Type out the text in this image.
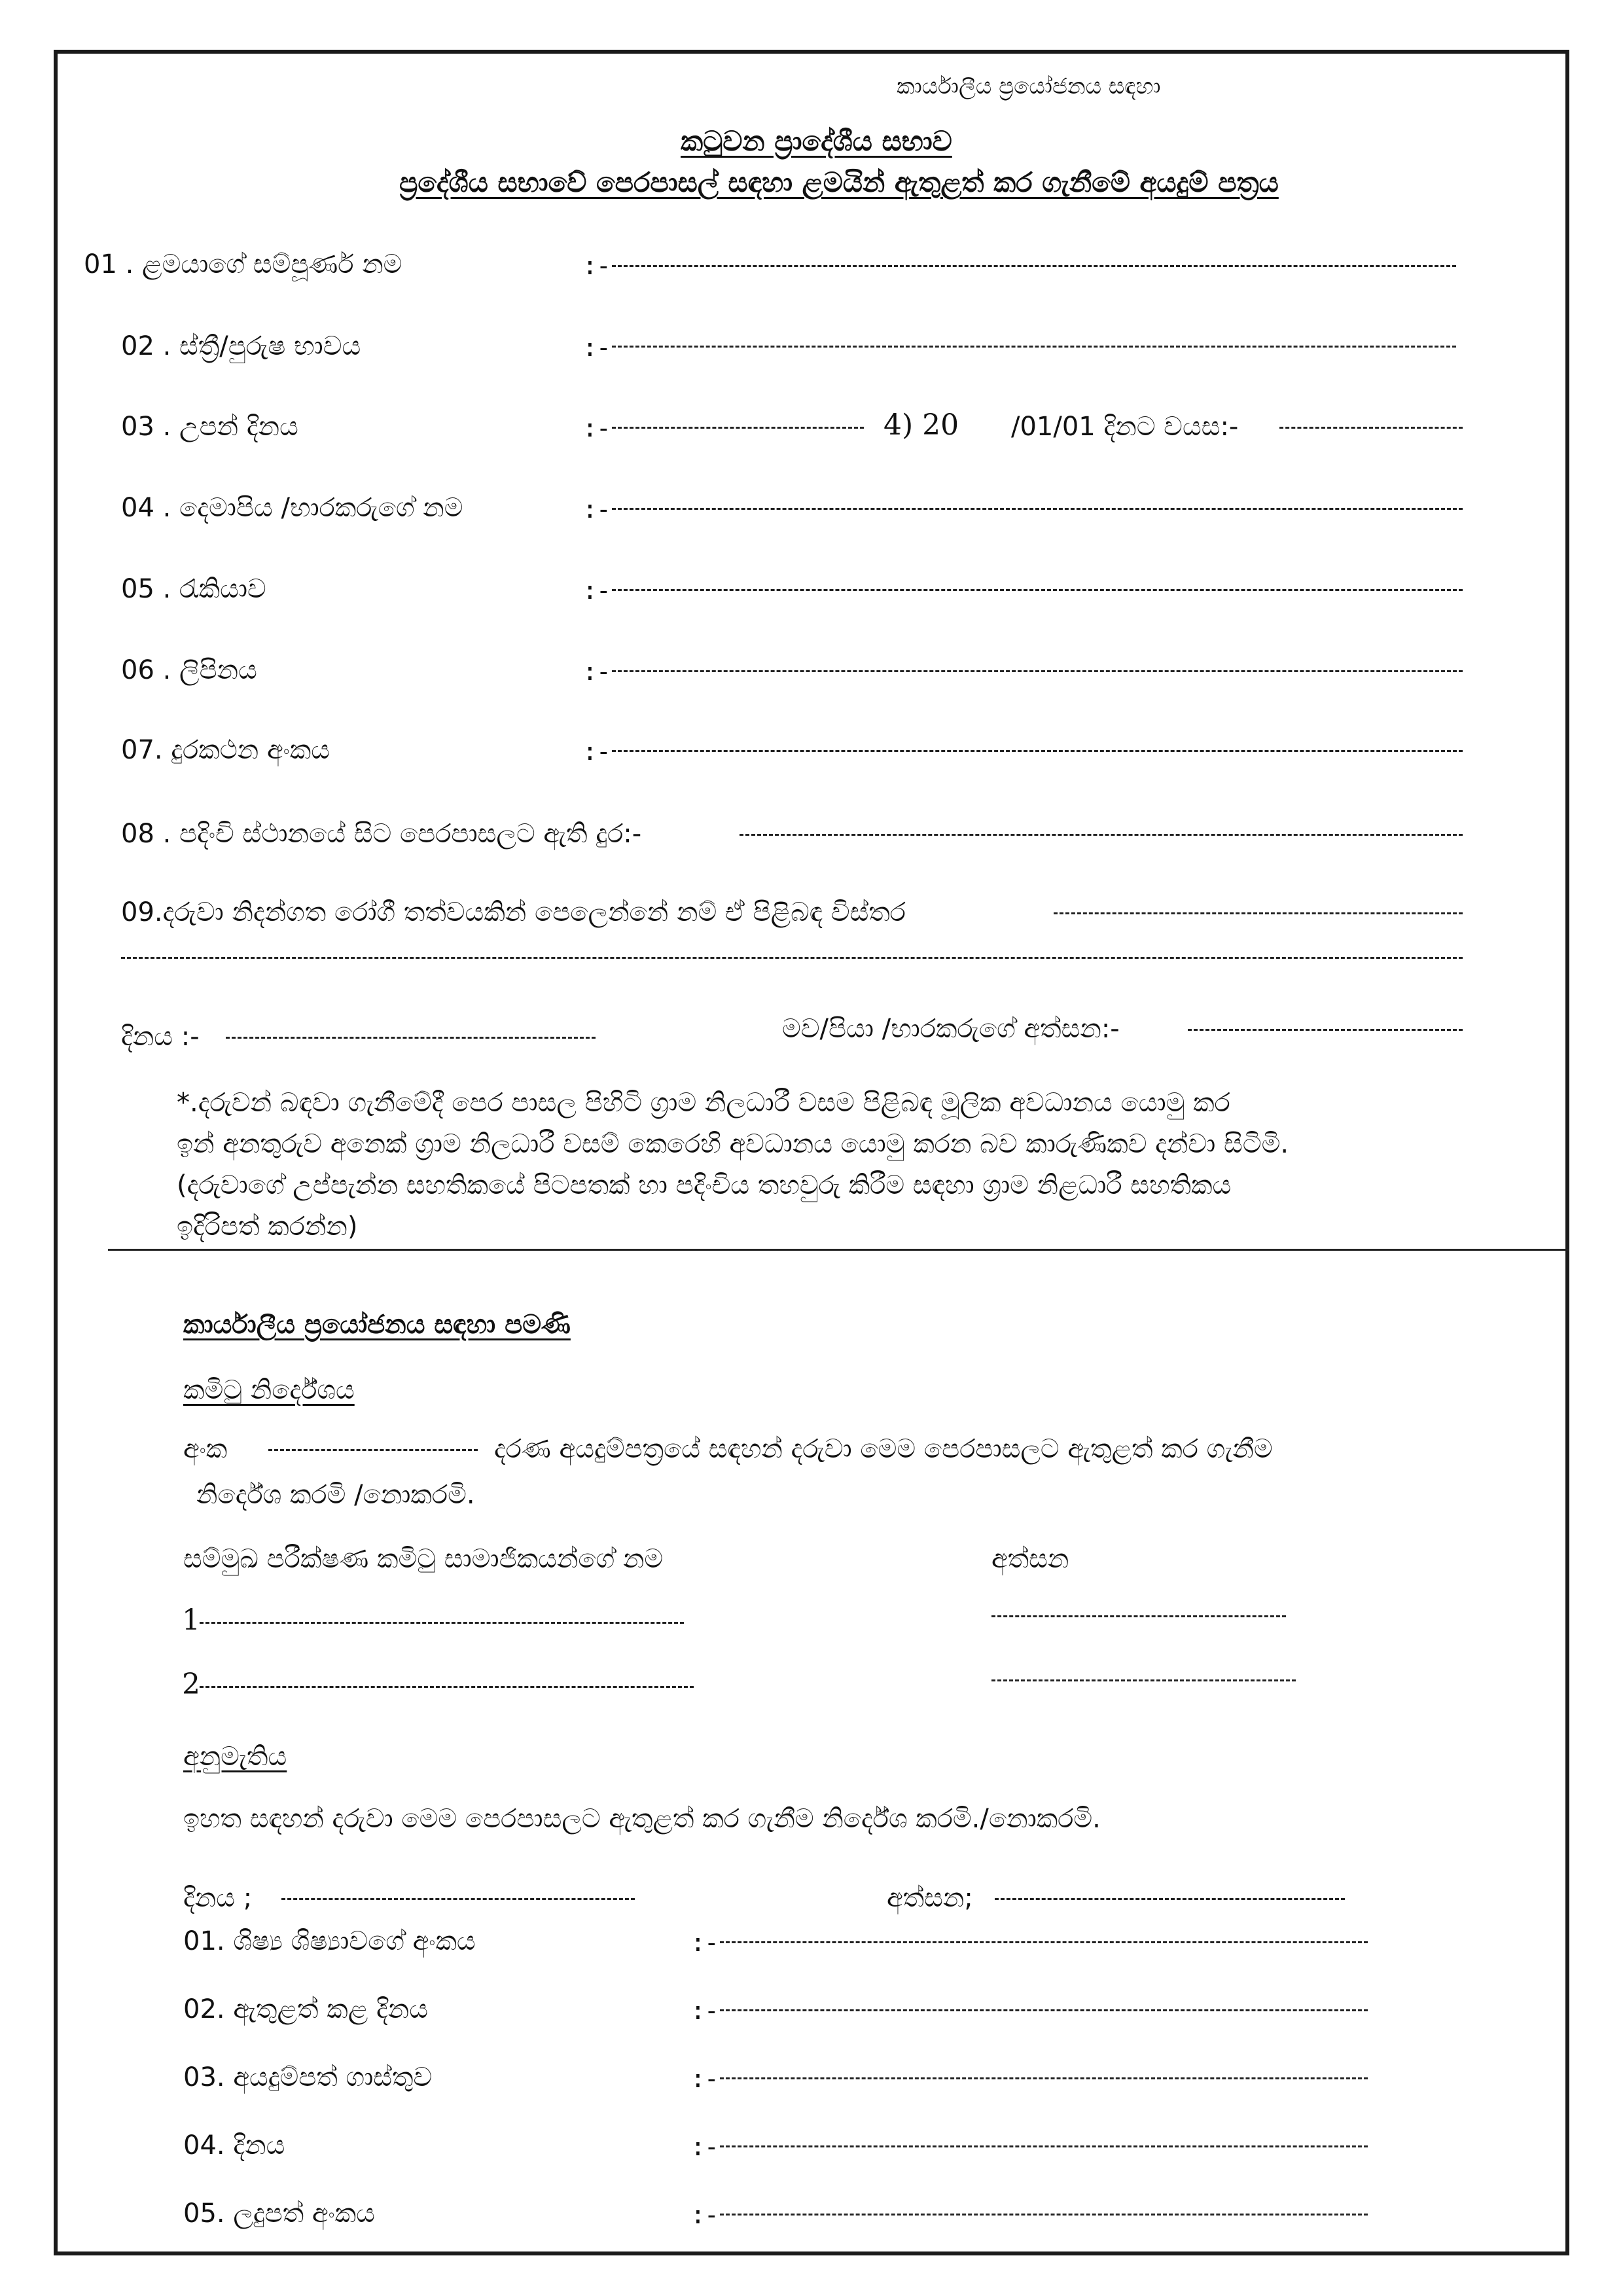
කාර්යාලීය ප්‍රයෝජනය සඳහා
කටුවන ප්‍රාදේශීය සභාව
ප්‍රදේශීය සභාවේ පෙරපාසල් සඳහා ළමයින් ඇතුළත් කර ගැනීමේ අයදුම් පත්‍රය
01 . ළමයාගේ සම්පූර්ණ නම	:-
02 . ස්ත්‍රී/පුරුෂ භාවය	:-
03 . උපන් දිනය	:-	4) 20 /01/01 දිනට වයස:-
04 . දෙමාපිය /භාරකරුගේ නම	:-
05 . රැකියාව	:-
06 . ලිපිනය	:-
07. දුරකථන අංකය	:-
08 . පදිංචි ස්ථානයේ සිට පෙරපාසලට ඇති දුර:-
09.දරුවා නිදන්ගත රෝගී තත්වයකින් පෙලෙන්නේ නම් ඒ පිළිබඳ විස්තර
දිනය :-	මව/පියා /භාරකරුගේ අත්සන:-
*.දරුවන් බඳවා ගැනීමේදී පෙර පාසල පිහිටි ග්‍රාම නිලධාරී වසම පිළිබඳ මූලික අවධානය යොමු කර
ඉන් අනතුරුව අනෙක් ග්‍රාම නිලධාරී වසම් කෙරෙහි අවධානය යොමු කරන බව කාරුණිකව දන්වා සිටිමි.
(දරුවාගේ උප්පැන්න සහතිකයේ පිටපතක් හා පදිංචිය තහවුරු කිරීම සඳහා ග්‍රාම නිළධාරී සහතිකය
ඉදිරිපත් කරන්න)
කාර්යාලීය ප්‍රයෝජනය සඳහා පමණි
කමිටු නිර්දේශය
අංක	දරණ අයදුම්පත්‍රයේ සඳහන් දරුවා මෙම පෙරපාසලට ඇතුළත් කර ගැනීම
නිර්දේශ කරමි /නොකරමි.
සම්මුඛ පරීක්ෂණ කමිටු සාමාජිකයන්ගේ නම	අත්සන
1
2
අනුමැතිය
ඉහත සඳහන් දරුවා මෙම පෙරපාසලට ඇතුළත් කර ගැනීම නිර්දේශ කරමි./නොකරමි.
දිනය ;	අත්සන;
01. ශිෂ්‍ය ශිෂ්‍යාවගේ අංකය	:-
02. ඇතුළත් කළ දිනය	:-
03. අයදුම්පත් ගාස්තුව	:-
04. දිනය	:-
05. ලදුපත් අංකය	:-
